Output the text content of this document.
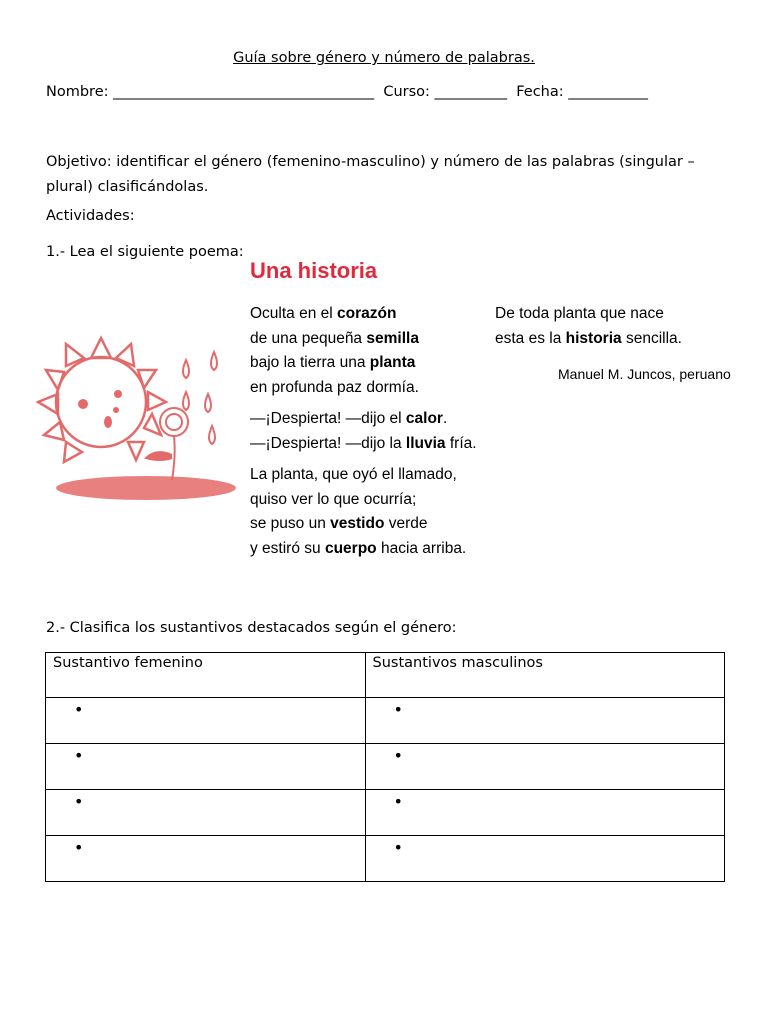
Guía sobre género y número de palabras.
Nombre: ____________________________________  Curso: __________  Fecha: ___________
Objetivo: identificar el género (femenino-masculino) y número de las palabras (singular – plural) clasificándolas.
Actividades:
1.- Lea el siguiente poema:
Una historia
Oculta en el corazón
de una pequeña semilla
bajo la tierra una planta
en profunda paz dormía.
—¡Despierta! —dijo el calor.
—¡Despierta! —dijo la lluvia fría.
La planta, que oyó el llamado,
quiso ver lo que ocurría;
se puso un vestido verde
y estiró su cuerpo hacia arriba.
De toda planta que nace
esta es la historia sencilla.
Manuel M. Juncos, peruano
2.- Clasifica los sustantivos destacados según el género:
Sustantivo femenino	Sustantivos masculinos
•	•
•	•
•	•
•	•
